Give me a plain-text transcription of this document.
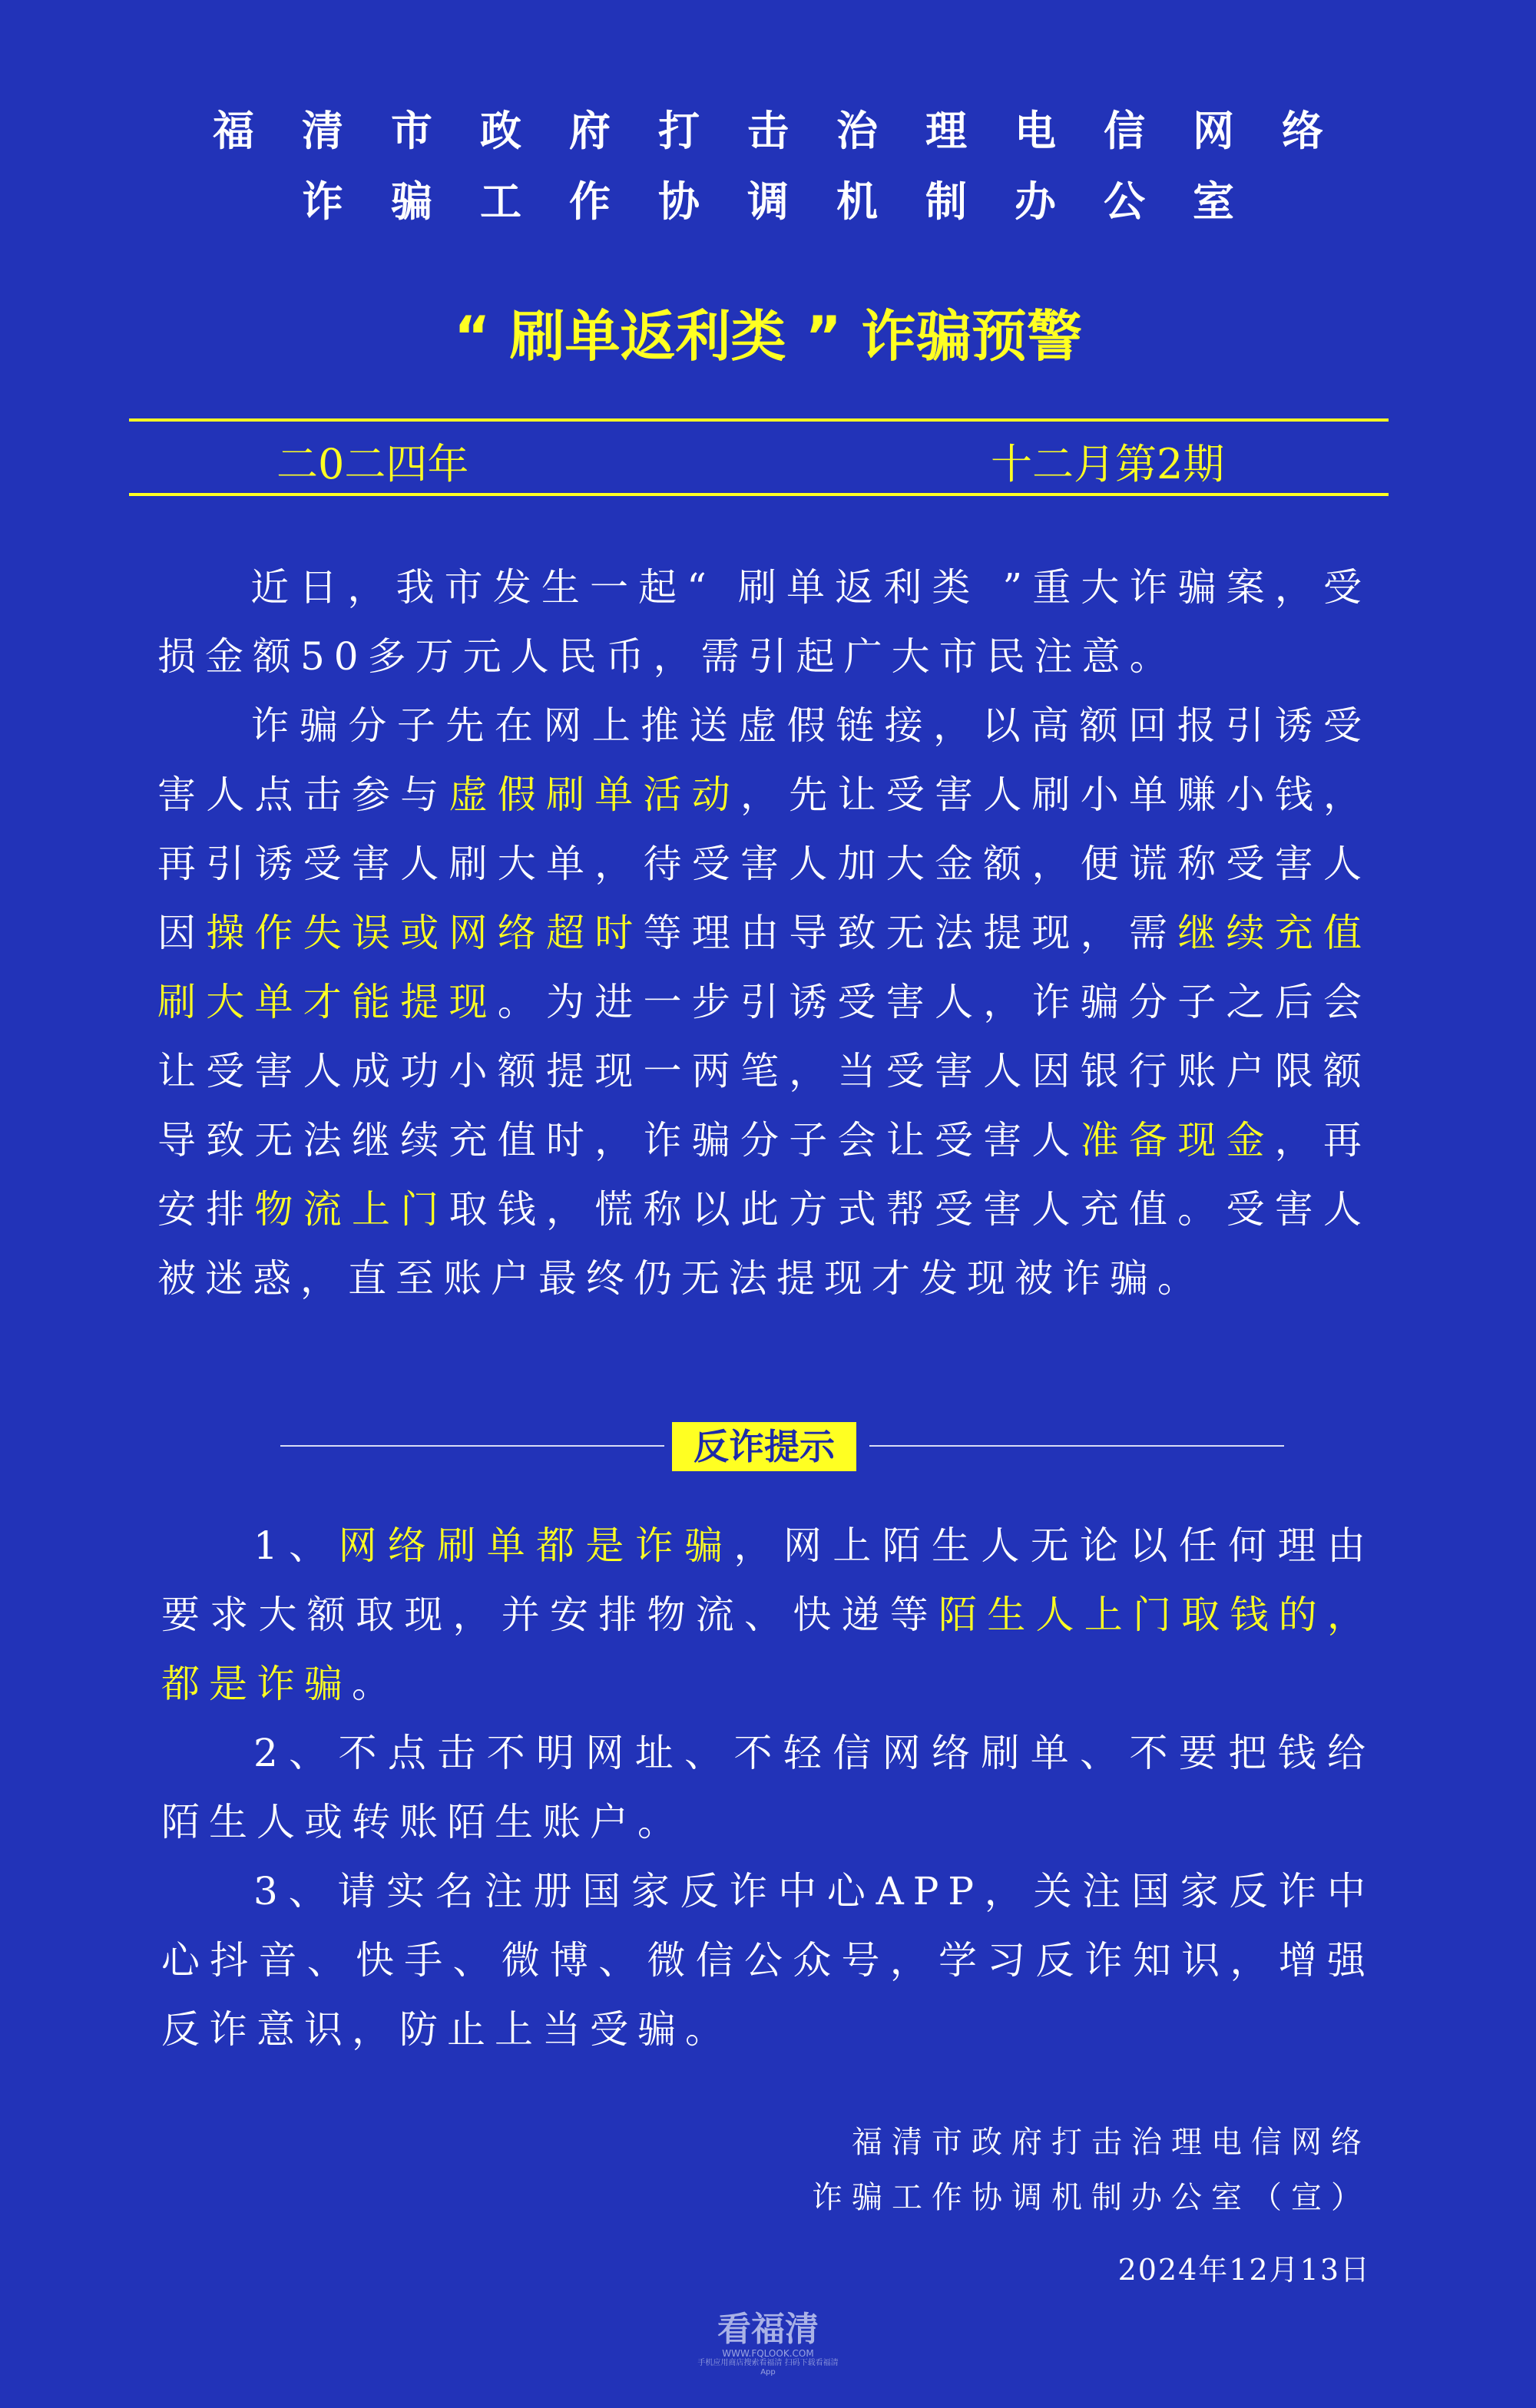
福清市政府打击治理电信网络
诈骗工作协调机制办公室
“ 刷单返利类 ” 诈骗预警
二0二四年	十二月第2期
近日，我市发生一起“ 刷单返利类 ”重大诈骗案，受损金额50多万元人民币，需引起广大市民注意。
诈骗分子先在网上推送虚假链接，以高额回报引诱受害人点击参与虚假刷单活动，先让受害人刷小单赚小钱，再引诱受害人刷大单，待受害人加大金额，便谎称受害人因操作失误或网络超时等理由导致无法提现，需继续充值刷大单才能提现。为进一步引诱受害人，诈骗分子之后会让受害人成功小额提现一两笔，当受害人因银行账户限额导致无法继续充值时，诈骗分子会让受害人准备现金，再安排物流上门取钱，慌称以此方式帮受害人充值。受害人被迷惑，直至账户最终仍无法提现才发现被诈骗。
反诈提示
1、网络刷单都是诈骗，网上陌生人无论以任何理由要求大额取现，并安排物流、快递等陌生人上门取钱的，都是诈骗。
2、不点击不明网址、不轻信网络刷单、不要把钱给陌生人或转账陌生账户。
3、请实名注册国家反诈中心APP，关注国家反诈中心抖音、快手、微博、微信公众号，学习反诈知识，增强反诈意识，防止上当受骗。
福清市政府打击治理电信网络
诈骗工作协调机制办公室（宣）
2024年12月13日
看福清
WWW.FQLOOK.COM
手机应用商店搜索看福清 扫码下载看福清App
